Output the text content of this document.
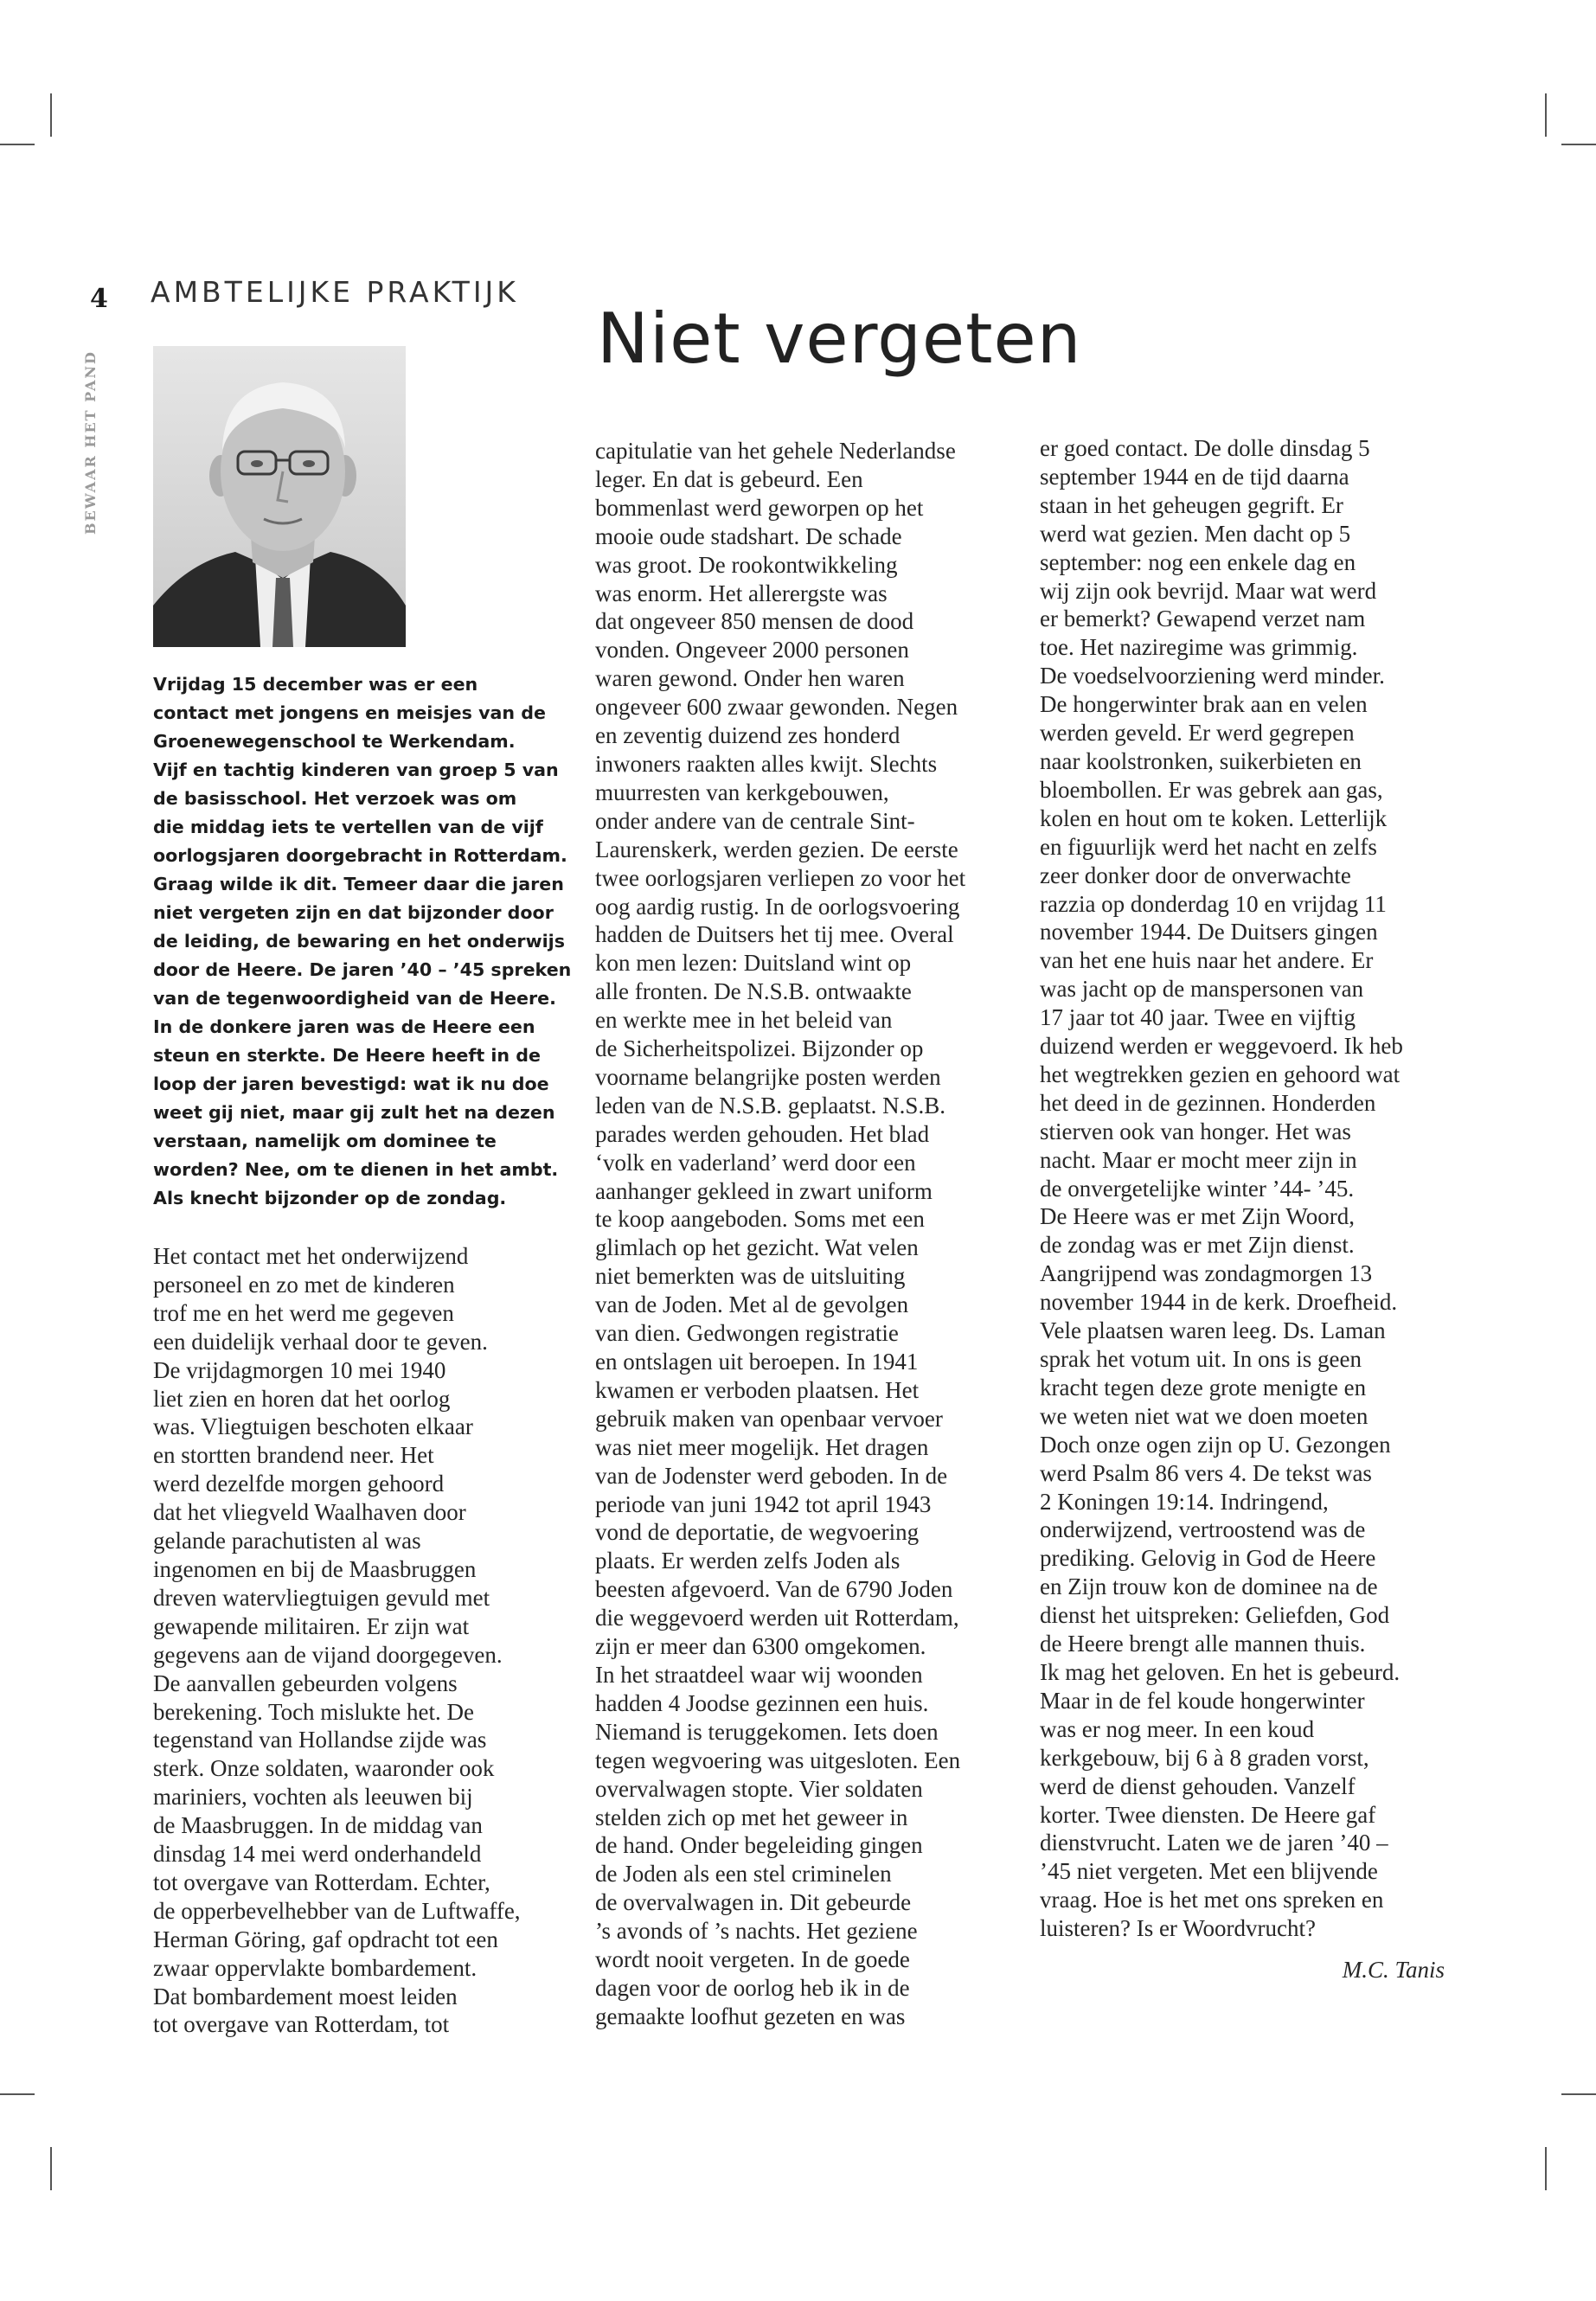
4 AMBTELIJKE PRAKTIJK
BEWAAR HET PAND
Niet vergeten
Vrijdag 15 december was er een
contact met jongens en meisjes van de
Groenewegenschool te Werkendam.
Vijf en tachtig kinderen van groep 5 van
de basisschool. Het verzoek was om
die middag iets te vertellen van de vijf
oorlogsjaren doorgebracht in Rotterdam.
Graag wilde ik dit. Temeer daar die jaren
niet vergeten zijn en dat bijzonder door
de leiding, de bewaring en het onderwijs
door de Heere. De jaren ’40 – ’45 spreken
van de tegenwoordigheid van de Heere.
In de donkere jaren was de Heere een
steun en sterkte. De Heere heeft in de
loop der jaren bevestigd: wat ik nu doe
weet gij niet, maar gij zult het na dezen
verstaan, namelijk om dominee te
worden? Nee, om te dienen in het ambt.
Als knecht bijzonder op de zondag.
Het contact met het onderwijzend
personeel en zo met de kinderen
trof me en het werd me gegeven
een duidelijk verhaal door te geven.
De vrijdagmorgen 10 mei 1940
liet zien en horen dat het oorlog
was. Vliegtuigen beschoten elkaar
en stortten brandend neer. Het
werd dezelfde morgen gehoord
dat het vliegveld Waalhaven door
gelande parachutisten al was
ingenomen en bij de Maasbruggen
dreven watervliegtuigen gevuld met
gewapende militairen. Er zijn wat
gegevens aan de vijand doorgegeven.
De aanvallen gebeurden volgens
berekening. Toch mislukte het. De
tegenstand van Hollandse zijde was
sterk. Onze soldaten, waaronder ook
mariniers, vochten als leeuwen bij
de Maasbruggen. In de middag van
dinsdag 14 mei werd onderhandeld
tot overgave van Rotterdam. Echter,
de opperbevelhebber van de Luftwaffe,
Herman Göring, gaf opdracht tot een
zwaar oppervlakte bombardement.
Dat bombardement moest leiden
tot overgave van Rotterdam, tot
capitulatie van het gehele Nederlandse
leger. En dat is gebeurd. Een
bommenlast werd geworpen op het
mooie oude stadshart. De schade
was groot. De rookontwikkeling
was enorm. Het allerergste was
dat ongeveer 850 mensen de dood
vonden. Ongeveer 2000 personen
waren gewond. Onder hen waren
ongeveer 600 zwaar gewonden. Negen
en zeventig duizend zes honderd
inwoners raakten alles kwijt. Slechts
muurresten van kerkgebouwen,
onder andere van de centrale Sint-
Laurenskerk, werden gezien. De eerste
twee oorlogsjaren verliepen zo voor het
oog aardig rustig. In de oorlogsvoering
hadden de Duitsers het tij mee. Overal
kon men lezen: Duitsland wint op
alle fronten. De N.S.B. ontwaakte
en werkte mee in het beleid van
de Sicherheitspolizei. Bijzonder op
voorname belangrijke posten werden
leden van de N.S.B. geplaatst. N.S.B.
parades werden gehouden. Het blad
‘volk en vaderland’ werd door een
aanhanger gekleed in zwart uniform
te koop aangeboden. Soms met een
glimlach op het gezicht. Wat velen
niet bemerkten was de uitsluiting
van de Joden. Met al de gevolgen
van dien. Gedwongen registratie
en ontslagen uit beroepen. In 1941
kwamen er verboden plaatsen. Het
gebruik maken van openbaar vervoer
was niet meer mogelijk. Het dragen
van de Jodenster werd geboden. In de
periode van juni 1942 tot april 1943
vond de deportatie, de wegvoering
plaats. Er werden zelfs Joden als
beesten afgevoerd. Van de 6790 Joden
die weggevoerd werden uit Rotterdam,
zijn er meer dan 6300 omgekomen.
In het straatdeel waar wij woonden
hadden 4 Joodse gezinnen een huis.
Niemand is teruggekomen. Iets doen
tegen wegvoering was uitgesloten. Een
overvalwagen stopte. Vier soldaten
stelden zich op met het geweer in
de hand. Onder begeleiding gingen
de Joden als een stel criminelen
de overvalwagen in. Dit gebeurde
’s avonds of ’s nachts. Het geziene
wordt nooit vergeten. In de goede
dagen voor de oorlog heb ik in de
gemaakte loofhut gezeten en was
er goed contact. De dolle dinsdag 5
september 1944 en de tijd daarna
staan in het geheugen gegrift. Er
werd wat gezien. Men dacht op 5
september: nog een enkele dag en
wij zijn ook bevrijd. Maar wat werd
er bemerkt? Gewapend verzet nam
toe. Het naziregime was grimmig.
De voedselvoorziening werd minder.
De hongerwinter brak aan en velen
werden geveld. Er werd gegrepen
naar koolstronken, suikerbieten en
bloembollen. Er was gebrek aan gas,
kolen en hout om te koken. Letterlijk
en figuurlijk werd het nacht en zelfs
zeer donker door de onverwachte
razzia op donderdag 10 en vrijdag 11
november 1944. De Duitsers gingen
van het ene huis naar het andere. Er
was jacht op de manspersonen van
17 jaar tot 40 jaar. Twee en vijftig
duizend werden er weggevoerd. Ik heb
het wegtrekken gezien en gehoord wat
het deed in de gezinnen. Honderden
stierven ook van honger. Het was
nacht. Maar er mocht meer zijn in
de onvergetelijke winter ’44- ’45.
De Heere was er met Zijn Woord,
de zondag was er met Zijn dienst.
Aangrijpend was zondagmorgen 13
november 1944 in de kerk. Droefheid.
Vele plaatsen waren leeg. Ds. Laman
sprak het votum uit. In ons is geen
kracht tegen deze grote menigte en
we weten niet wat we doen moeten
Doch onze ogen zijn op U. Gezongen
werd Psalm 86 vers 4. De tekst was
2 Koningen 19:14. Indringend,
onderwijzend, vertroostend was de
prediking. Gelovig in God de Heere
en Zijn trouw kon de dominee na de
dienst het uitspreken: Geliefden, God
de Heere brengt alle mannen thuis.
Ik mag het geloven. En het is gebeurd.
Maar in de fel koude hongerwinter
was er nog meer. In een koud
kerkgebouw, bij 6 à 8 graden vorst,
werd de dienst gehouden. Vanzelf
korter. Twee diensten. De Heere gaf
dienstvrucht. Laten we de jaren ’40 –
’45 niet vergeten. Met een blijvende
vraag. Hoe is het met ons spreken en
luisteren? Is er Woordvrucht?
M.C. Tanis
